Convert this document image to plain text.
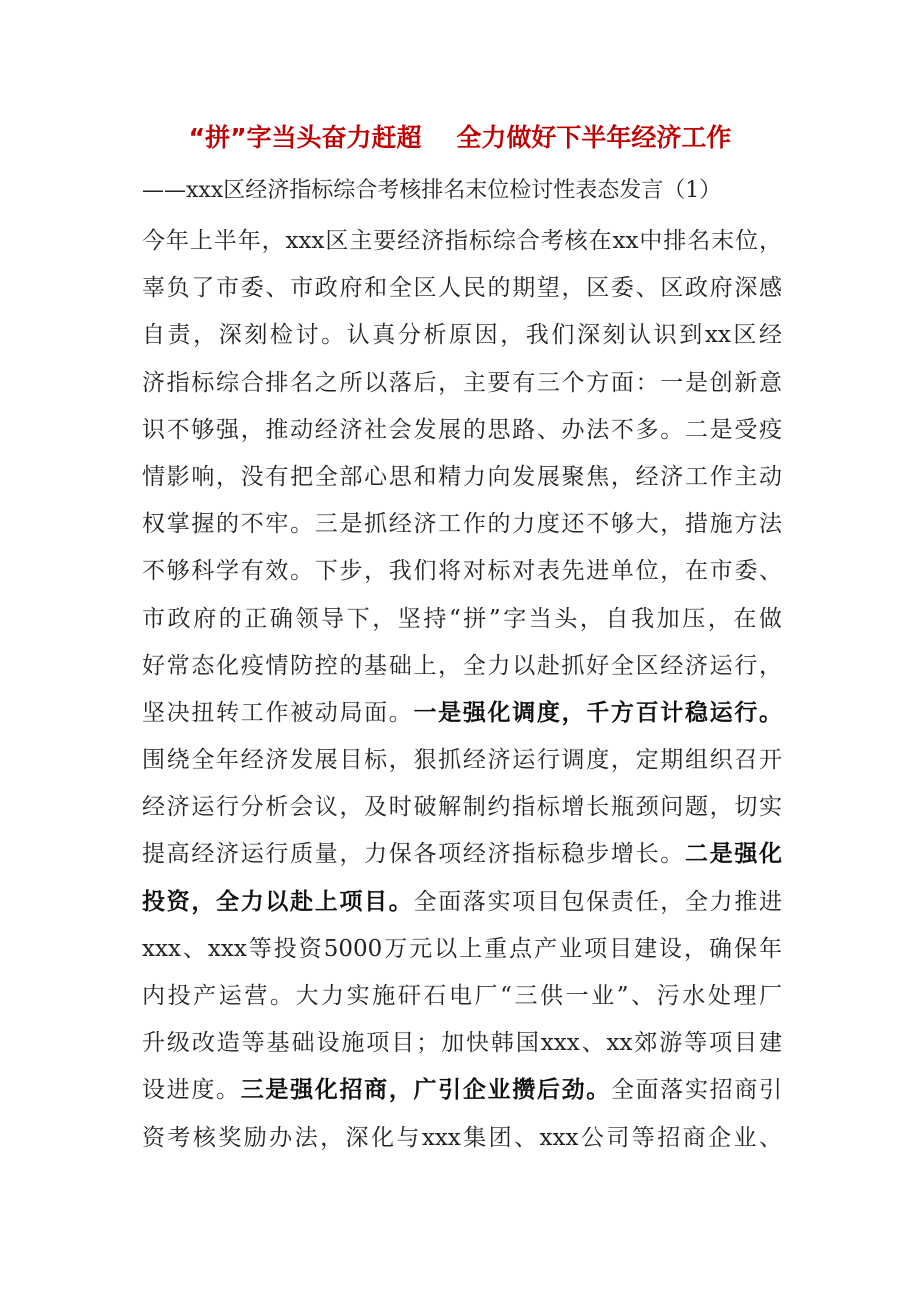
“拼”字当头奋力赶超    全力做好下半年经济工作
——xxx区经济指标综合考核排名末位检讨性表态发言（1）
今年上半年，xxx区主要经济指标综合考核在xx中排名末位，
辜负了市委、市政府和全区人民的期望，区委、区政府深感
自责，深刻检讨。认真分析原因，我们深刻认识到xx区经
济指标综合排名之所以落后，主要有三个方面：一是创新意
识不够强，推动经济社会发展的思路、办法不多。二是受疫
情影响，没有把全部心思和精力向发展聚焦，经济工作主动
权掌握的不牢。三是抓经济工作的力度还不够大，措施方法
不够科学有效。下步，我们将对标对表先进单位，在市委、
市政府的正确领导下，坚持“拼”字当头，自我加压，在做
好常态化疫情防控的基础上，全力以赴抓好全区经济运行，
坚决扭转工作被动局面。一是强化调度，千方百计稳运行。
围绕全年经济发展目标，狠抓经济运行调度，定期组织召开
经济运行分析会议，及时破解制约指标增长瓶颈问题，切实
提高经济运行质量，力保各项经济指标稳步增长。二是强化
投资，全力以赴上项目。全面落实项目包保责任，全力推进
xxx、xxx等投资5000万元以上重点产业项目建设，确保年
内投产运营。大力实施矸石电厂“三供一业”、污水处理厂
升级改造等基础设施项目；加快韩国xxx、xx郊游等项目建
设进度。三是强化招商，广引企业攒后劲。全面落实招商引
资考核奖励办法，深化与xxx集团、xxx公司等招商企业、
